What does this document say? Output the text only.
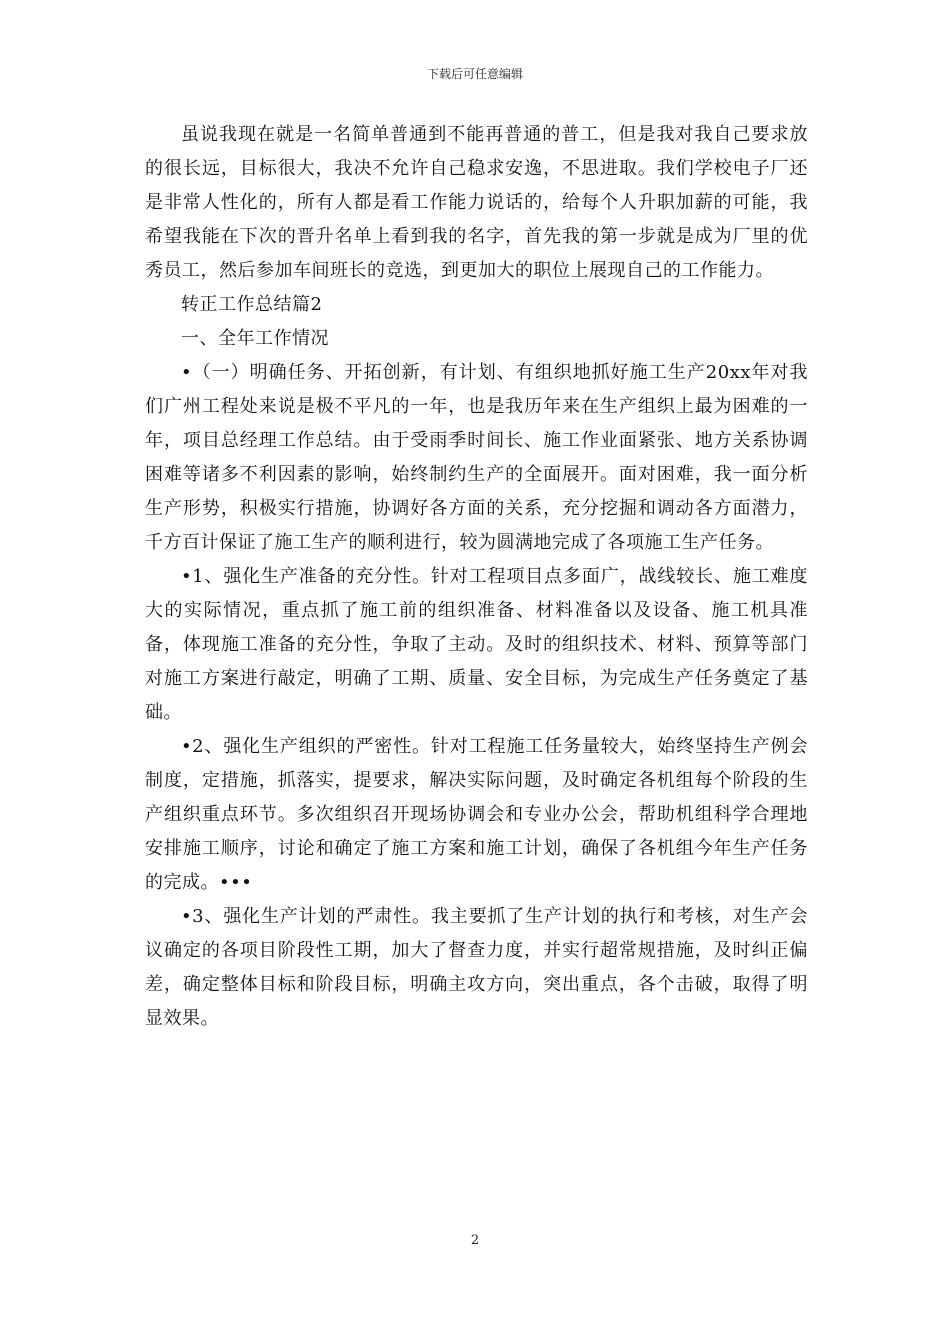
下载后可任意编辑

虽说我现在就是一名简单普通到不能再普通的普工，但是我对我自己要求放的很长远，目标很大，我决不允许自己稳求安逸，不思进取。我们学校电子厂还是非常人性化的，所有人都是看工作能力说话的，给每个人升职加薪的可能，我希望我能在下次的晋升名单上看到我的名字，首先我的第一步就是成为厂里的优秀员工，然后参加车间班长的竞选，到更加大的职位上展现自己的工作能力。

转正工作总结篇2

一、全年工作情况

•（一）明确任务、开拓创新，有计划、有组织地抓好施工生产20xx年对我们广州工程处来说是极不平凡的一年，也是我历年来在生产组织上最为困难的一年，项目总经理工作总结。由于受雨季时间长、施工作业面紧张、地方关系协调困难等诸多不利因素的影响，始终制约生产的全面展开。面对困难，我一面分析生产形势，积极实行措施，协调好各方面的关系，充分挖掘和调动各方面潜力，千方百计保证了施工生产的顺利进行，较为圆满地完成了各项施工生产任务。

•1、强化生产准备的充分性。针对工程项目点多面广，战线较长、施工难度大的实际情况，重点抓了施工前的组织准备、材料准备以及设备、施工机具准备，体现施工准备的充分性，争取了主动。及时的组织技术、材料、预算等部门对施工方案进行敲定，明确了工期、质量、安全目标，为完成生产任务奠定了基础。

•2、强化生产组织的严密性。针对工程施工任务量较大，始终坚持生产例会制度，定措施，抓落实，提要求，解决实际问题，及时确定各机组每个阶段的生产组织重点环节。多次组织召开现场协调会和专业办公会，帮助机组科学合理地安排施工顺序，讨论和确定了施工方案和施工计划，确保了各机组今年生产任务的完成。•••

•3、强化生产计划的严肃性。我主要抓了生产计划的执行和考核，对生产会议确定的各项目阶段性工期，加大了督查力度，并实行超常规措施，及时纠正偏差，确定整体目标和阶段目标，明确主攻方向，突出重点，各个击破，取得了明显效果。

2
